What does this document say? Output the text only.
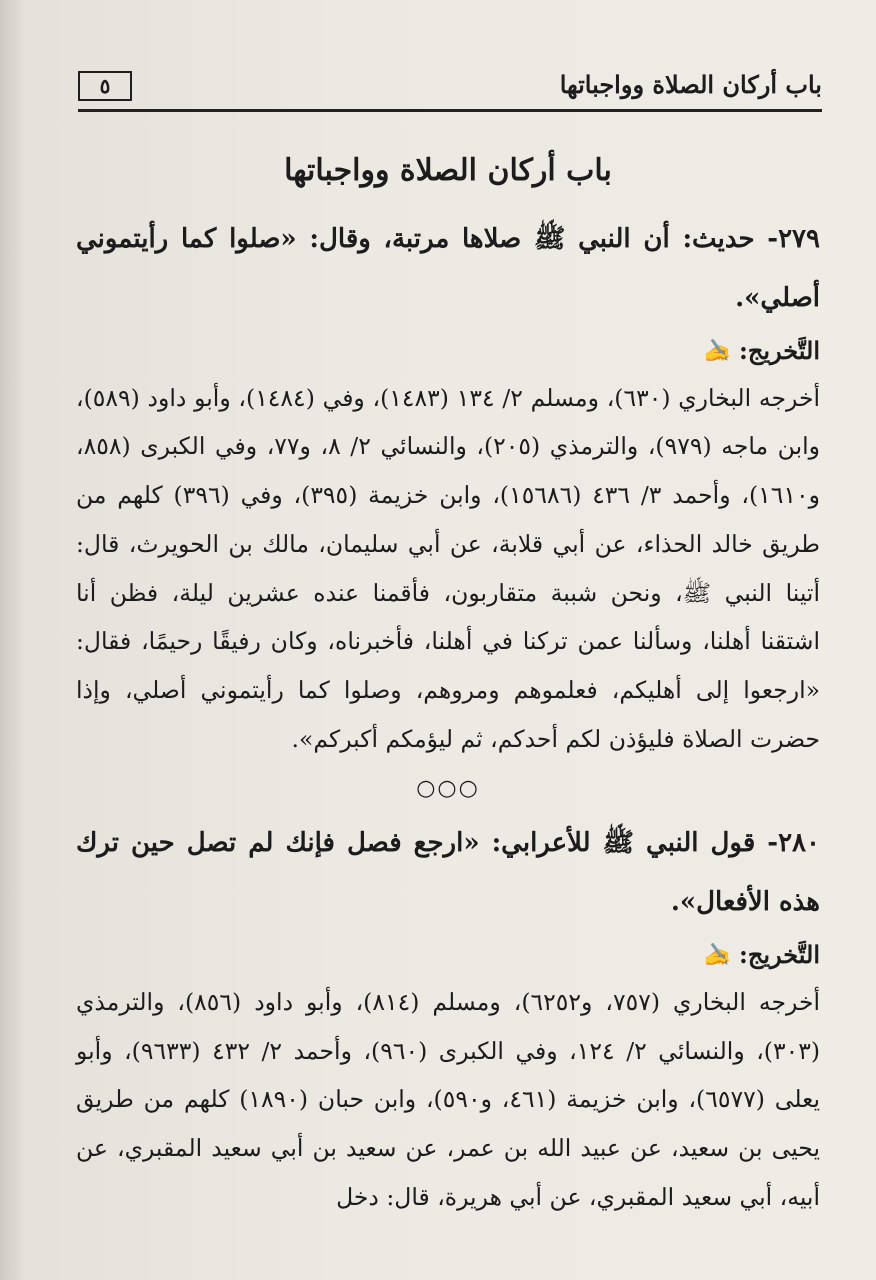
٥	باب أركان الصلاة وواجباتها
باب أركان الصلاة وواجباتها

٢٧٩- حديث: أن النبي ﷺ صلاها مرتبة، وقال: «صلوا كما رأيتموني أصلي».

التَّخريج:
✍

أخرجه البخاري (٦٣٠)، ومسلم ٢/ ١٣٤ (١٤٨٣)، وفي (١٤٨٤)، وأبو داود (٥٨٩)، وابن ماجه (٩٧٩)، والترمذي (٢٠٥)، والنسائي ٢/ ٨، و٧٧، وفي الكبرى (٨٥٨، و١٦١٠)، وأحمد ٣/ ٤٣٦ (١٥٦٨٦)، وابن خزيمة (٣٩٥)، وفي (٣٩٦) كلهم من طريق خالد الحذاء، عن أبي قلابة، عن أبي سليمان، مالك بن الحويرث، قال: أتينا النبي ﷺ، ونحن شببة متقاربون، فأقمنا عنده عشرين ليلة، فظن أنا اشتقنا أهلنا، وسألنا عمن تركنا في أهلنا، فأخبرناه، وكان رفيقًا رحيمًا، فقال: «ارجعوا إلى أهليكم، فعلموهم ومروهم، وصلوا كما رأيتموني أصلي، وإذا حضرت الصلاة فليؤذن لكم أحدكم، ثم ليؤمكم أكبركم».

○○○

٢٨٠- قول النبي ﷺ للأعرابي: «ارجع فصل فإنك لم تصل حين ترك هذه الأفعال».

التَّخريج:
✍

أخرجه البخاري (٧٥٧، و٦٢٥٢)، ومسلم (٨١٤)، وأبو داود (٨٥٦)، والترمذي (٣٠٣)، والنسائي ٢/ ١٢٤، وفي الكبرى (٩٦٠)، وأحمد ٢/ ٤٣٢ (٩٦٣٣)، وأبو يعلى (٦٥٧٧)، وابن خزيمة (٤٦١، و٥٩٠)، وابن حبان (١٨٩٠) كلهم من طريق يحيى بن سعيد، عن عبيد الله بن عمر، عن سعيد بن أبي سعيد المقبري، عن أبيه، أبي سعيد المقبري، عن أبي هريرة، قال: دخل
